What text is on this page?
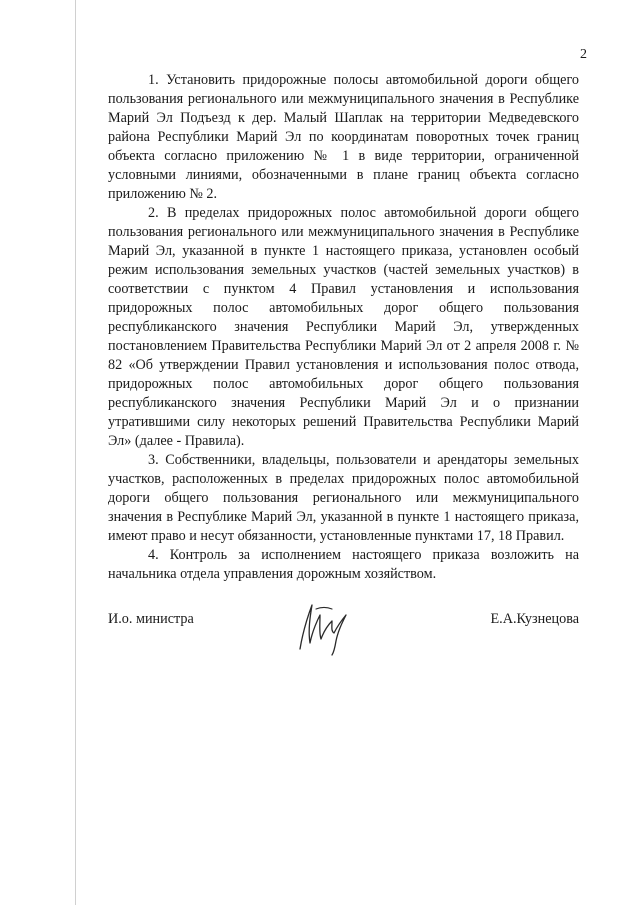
2

1. Установить придорожные полосы автомобильной дороги общего пользования регионального или межмуниципального значения в Республике Марий Эл Подъезд к дер. Малый Шаплак на территории Медведевского района Республики Марий Эл по координатам поворотных точек границ объекта согласно приложению № 1 в виде территории, ограниченной условными линиями, обозначенными в плане границ объекта согласно приложению № 2.

2. В пределах придорожных полос автомобильной дороги общего пользования регионального или межмуниципального значения в Республике Марий Эл, указанной в пункте 1 настоящего приказа, установлен особый режим использования земельных участков (частей земельных участков) в соответствии с пунктом 4 Правил установления и использования придорожных полос автомобильных дорог общего пользования республиканского значения Республики Марий Эл, утвержденных постановлением Правительства Республики Марий Эл от 2 апреля 2008 г. № 82 «Об утверждении Правил установления и использования полос отвода, придорожных полос автомобильных дорог общего пользования республиканского значения Республики Марий Эл и о признании утратившими силу некоторых решений Правительства Республики Марий Эл» (далее - Правила).

3. Собственники, владельцы, пользователи и арендаторы земельных участков, расположенных в пределах придорожных полос автомобильной дороги общего пользования регионального или межмуниципального значения в Республике Марий Эл, указанной в пункте 1 настоящего приказа, имеют право и несут обязанности, установленные пунктами 17, 18 Правил.

4. Контроль за исполнением настоящего приказа возложить на начальника отдела управления дорожным хозяйством.

И.о. министра	Е.А.Кузнецова
